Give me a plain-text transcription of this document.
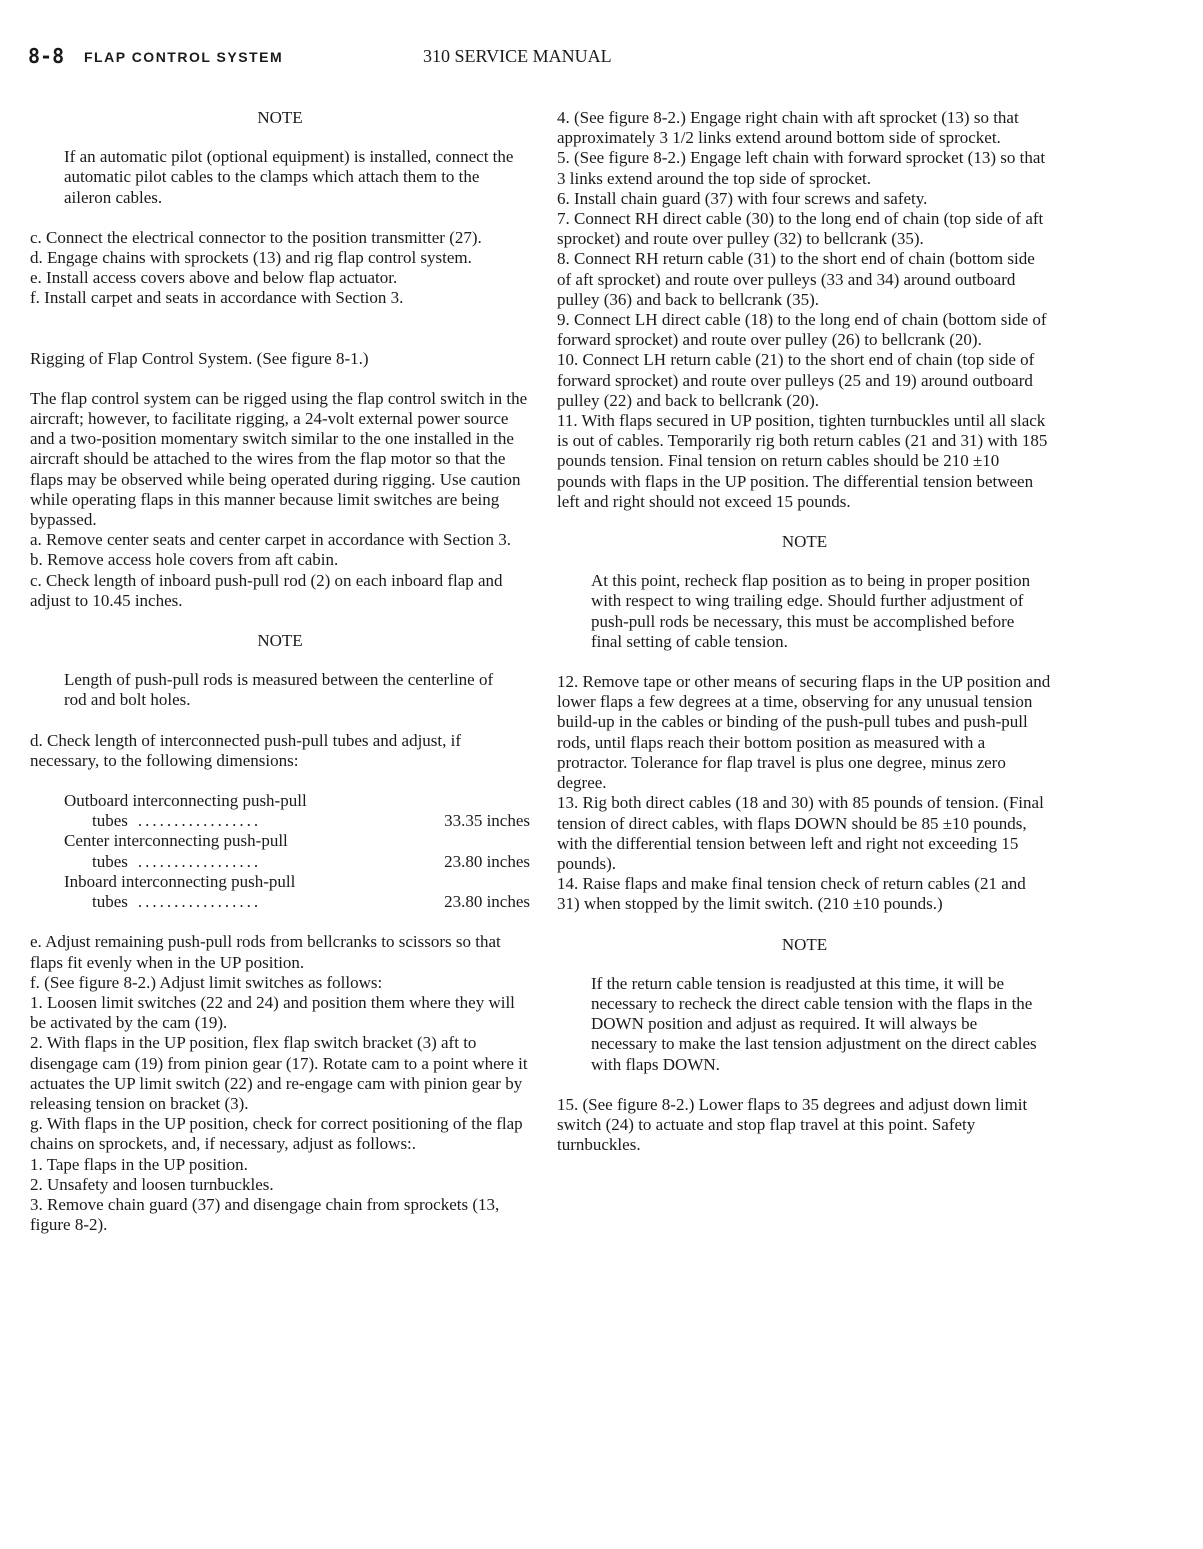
8-8 FLAP CONTROL SYSTEM	310 SERVICE MANUAL

NOTE

If an automatic pilot (optional equipment) is installed, connect the automatic pilot cables to the clamps which attach them to the aileron cables.

c. Connect the electrical connector to the position transmitter (27).

d. Engage chains with sprockets (13) and rig flap control system.

e. Install access covers above and below flap actuator.

f. Install carpet and seats in accordance with Section 3.

Rigging of Flap Control System. (See figure 8-1.)

The flap control system can be rigged using the flap control switch in the aircraft; however, to facilitate rigging, a 24-volt external power source and a two-position momentary switch similar to the one installed in the aircraft should be attached to the wires from the flap motor so that the flaps may be observed while being operated during rigging. Use caution while operating flaps in this manner because limit switches are being bypassed.

a. Remove center seats and center carpet in accordance with Section 3.

b. Remove access hole covers from aft cabin.

c. Check length of inboard push-pull rod (2) on each inboard flap and adjust to 10.45 inches.

NOTE

Length of push-pull rods is measured between the centerline of rod and bolt holes.

d. Check length of interconnected push-pull tubes and adjust, if necessary, to the following dimensions:

Outboard interconnecting push-pull
tubes .................	33.35 inches
Center interconnecting push-pull
tubes .................	23.80 inches
Inboard interconnecting push-pull
tubes .................	23.80 inches

e. Adjust remaining push-pull rods from bellcranks to scissors so that flaps fit evenly when in the UP position.

f. (See figure 8-2.) Adjust limit switches as follows:

1. Loosen limit switches (22 and 24) and position them where they will be activated by the cam (19).

2. With flaps in the UP position, flex flap switch bracket (3) aft to disengage cam (19) from pinion gear (17). Rotate cam to a point where it actuates the UP limit switch (22) and re-engage cam with pinion gear by releasing tension on bracket (3).

g. With flaps in the UP position, check for correct positioning of the flap chains on sprockets, and, if necessary, adjust as follows:.

1. Tape flaps in the UP position.

2. Unsafety and loosen turnbuckles.

3. Remove chain guard (37) and disengage chain from sprockets (13, figure 8-2).

4. (See figure 8-2.) Engage right chain with aft sprocket (13) so that approximately 3 1/2 links extend around bottom side of sprocket.

5. (See figure 8-2.) Engage left chain with forward sprocket (13) so that 3 links extend around the top side of sprocket.

6. Install chain guard (37) with four screws and safety.

7. Connect RH direct cable (30) to the long end of chain (top side of aft sprocket) and route over pulley (32) to bellcrank (35).

8. Connect RH return cable (31) to the short end of chain (bottom side of aft sprocket) and route over pulleys (33 and 34) around outboard pulley (36) and back to bellcrank (35).

9. Connect LH direct cable (18) to the long end of chain (bottom side of forward sprocket) and route over pulley (26) to bellcrank (20).

10. Connect LH return cable (21) to the short end of chain (top side of forward sprocket) and route over pulleys (25 and 19) around outboard pulley (22) and back to bellcrank (20).

11. With flaps secured in UP position, tighten turnbuckles until all slack is out of cables. Temporarily rig both return cables (21 and 31) with 185 pounds tension. Final tension on return cables should be 210 ±10 pounds with flaps in the UP position. The differential tension between left and right should not exceed 15 pounds.

NOTE

At this point, recheck flap position as to being in proper position with respect to wing trailing edge. Should further adjustment of push-pull rods be necessary, this must be accomplished before final setting of cable tension.

12. Remove tape or other means of securing flaps in the UP position and lower flaps a few degrees at a time, observing for any unusual tension build-up in the cables or binding of the push-pull tubes and push-pull rods, until flaps reach their bottom position as measured with a protractor. Tolerance for flap travel is plus one degree, minus zero degree.

13. Rig both direct cables (18 and 30) with 85 pounds of tension. (Final tension of direct cables, with flaps DOWN should be 85 ±10 pounds, with the differential tension between left and right not exceeding 15 pounds).

14. Raise flaps and make final tension check of return cables (21 and 31) when stopped by the limit switch. (210 ±10 pounds.)

NOTE

If the return cable tension is readjusted at this time, it will be necessary to recheck the direct cable tension with the flaps in the DOWN position and adjust as required. It will always be necessary to make the last tension adjustment on the direct cables with flaps DOWN.

15. (See figure 8-2.) Lower flaps to 35 degrees and adjust down limit switch (24) to actuate and stop flap travel at this point. Safety turnbuckles.
